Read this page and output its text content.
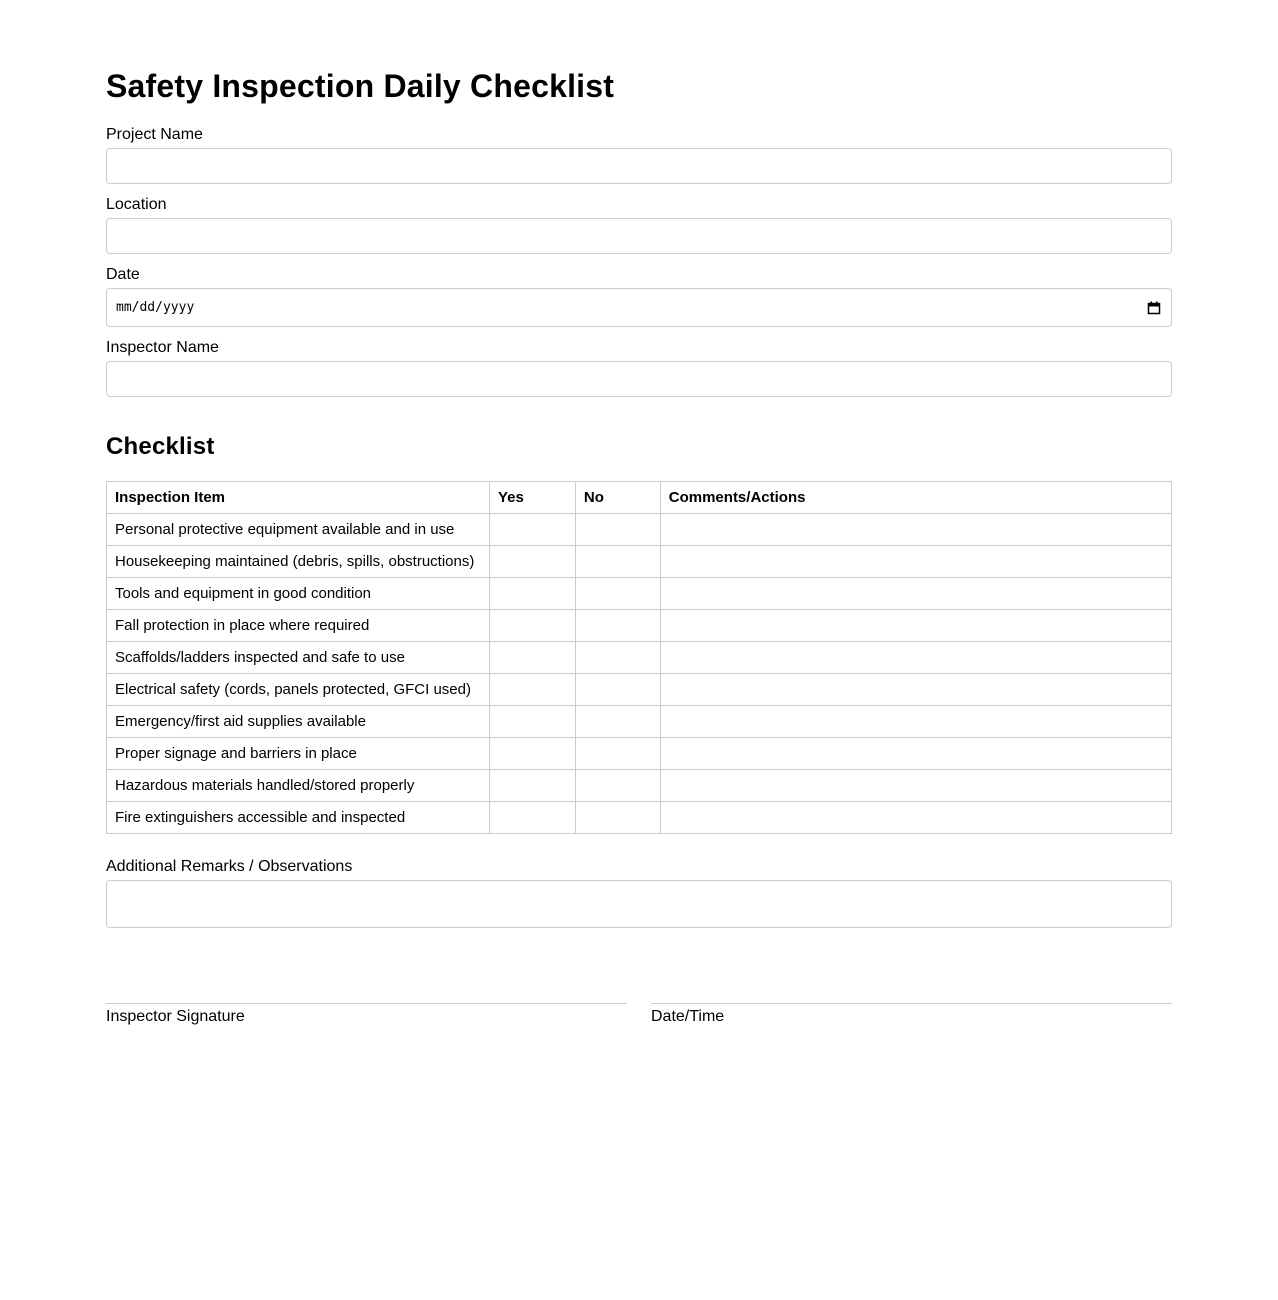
Safety Inspection Daily Checklist
Project Name
Location
Date
mm/dd/yyyy
Inspector Name
Checklist
Inspection Item	Yes	No	Comments/Actions
Personal protective equipment available and in use			
Housekeeping maintained (debris, spills, obstructions)			
Tools and equipment in good condition			
Fall protection in place where required			
Scaffolds/ladders inspected and safe to use			
Electrical safety (cords, panels protected, GFCI used)			
Emergency/first aid supplies available			
Proper signage and barriers in place			
Hazardous materials handled/stored properly			
Fire extinguishers accessible and inspected			
Additional Remarks / Observations
Inspector Signature	Date/Time
